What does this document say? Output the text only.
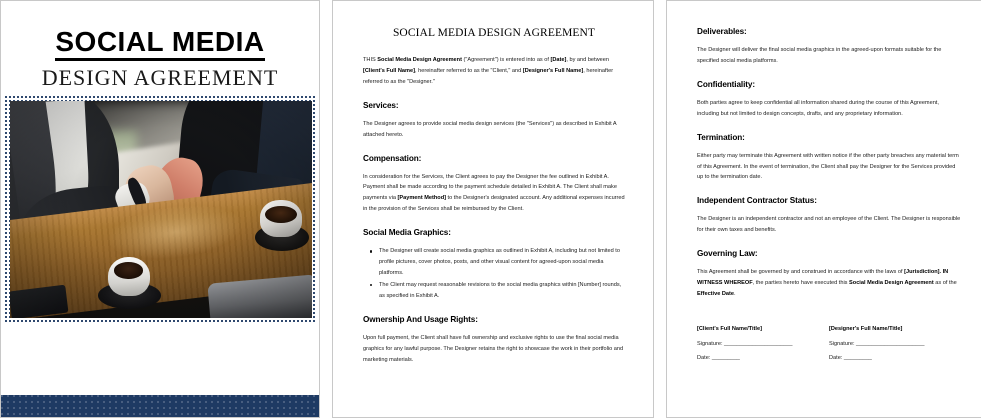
SOCIAL MEDIA
DESIGN AGREEMENT
SOCIAL MEDIA DESIGN AGREEMENT

THIS Social Media Design Agreement ("Agreement") is entered into as of [Date], by and between [Client's Full Name], hereinafter referred to as the "Client," and [Designer's Full Name], hereinafter referred to as the "Designer."

Services:

The Designer agrees to provide social media design services (the "Services") as described in Exhibit A attached hereto.

Compensation:

In consideration for the Services, the Client agrees to pay the Designer the fee outlined in Exhibit A. Payment shall be made according to the payment schedule detailed in Exhibit A. The Client shall make payments via [Payment Method] to the Designer's designated account. Any additional expenses incurred in the provision of the Services shall be reimbursed by the Client.

Social Media Graphics:
The Designer will create social media graphics as outlined in Exhibit A, including but not limited to profile pictures, cover photos, posts, and other visual content for agreed-upon social media platforms.
The Client may request reasonable revisions to the social media graphics within [Number] rounds, as specified in Exhibit A.
Ownership And Usage Rights:

Upon full payment, the Client shall have full ownership and exclusive rights to use the final social media graphics for any lawful purpose. The Designer retains the right to showcase the work in their portfolio and marketing materials.

Deliverables:

The Designer will deliver the final social media graphics in the agreed-upon formats suitable for the specified social media platforms.

Confidentiality:

Both parties agree to keep confidential all information shared during the course of this Agreement, including but not limited to design concepts, drafts, and any proprietary information.

Termination:

Either party may terminate this Agreement with written notice if the other party breaches any material term of this Agreement. In the event of termination, the Client shall pay the Designer for the Services provided up to the termination date.

Independent Contractor Status:

The Designer is an independent contractor and not an employee of the Client. The Designer is responsible for their own taxes and benefits.

Governing Law:

This Agreement shall be governed by and construed in accordance with the laws of [Jurisdiction]. IN WITNESS WHEREOF, the parties hereto have executed this Social Media Design Agreement as of the Effective Date.

[Client's Full Name/Title]
Signature: ______________________
Date: _________
[Designer's Full Name/Title]
Signature: ______________________
Date: _________
